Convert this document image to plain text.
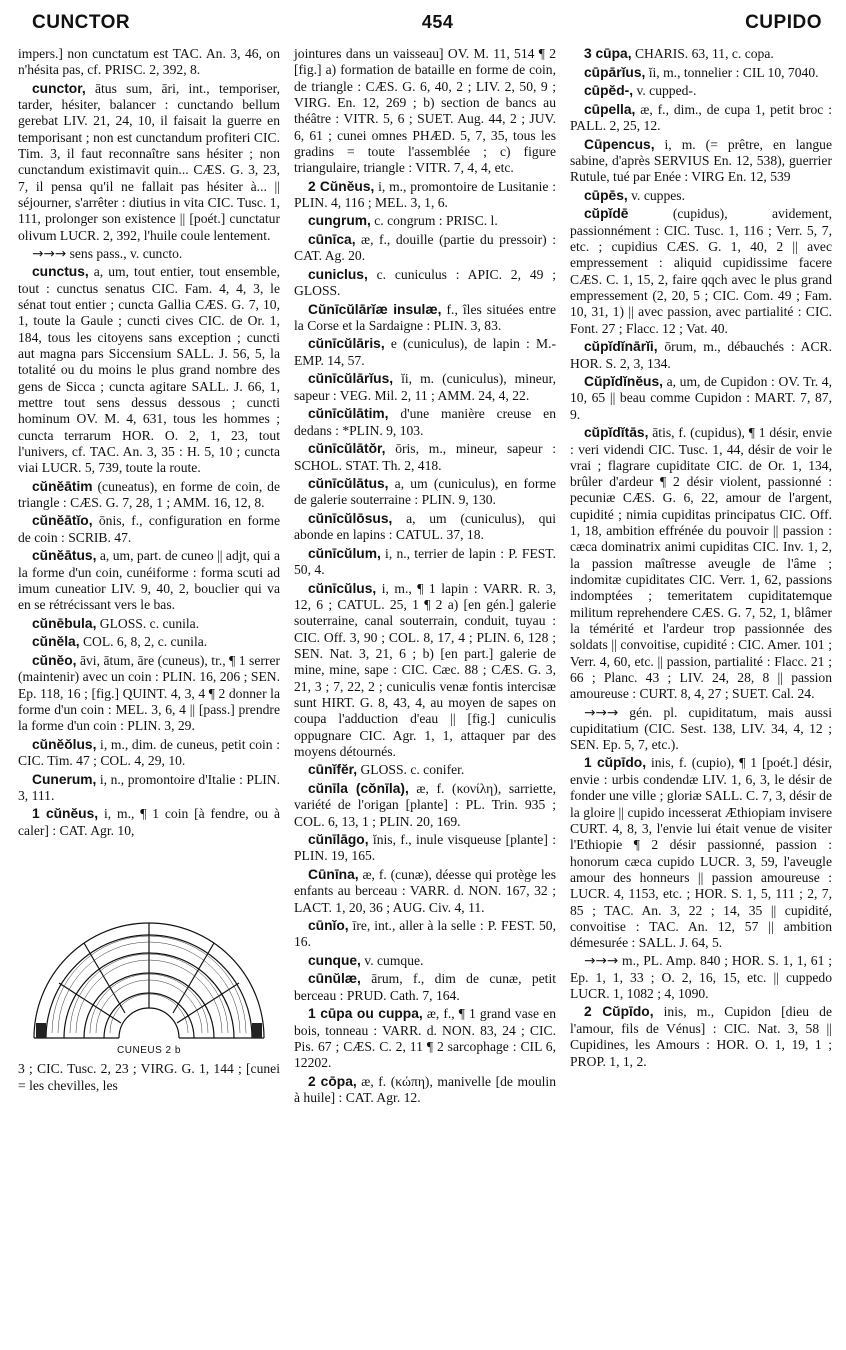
CUNCTOR	454	CUPIDO

impers.] non cunctatum est TAC. An. 3, 46, on n'hésita pas, cf. PRISC. 2, 392, 8.

cunctor, ātus sum, āri, int., temporiser, tarder, hésiter, balancer : cunctando bellum gerebat LIV. 21, 24, 10, il faisait la guerre en temporisant ; non est cunctandum profiteri CIC. Tim. 3, il faut reconnaître sans hésiter ; non cunctandum existimavit quin... CÆS. G. 3, 23, 7, il pensa qu'il ne fallait pas hésiter à... || séjourner, s'arrêter : diutius in vita CIC. Tusc. 1, 111, prolonger son existence || [poét.] cunctatur olivum LUCR. 2, 392, l'huile coule lentement.

→→→ sens pass., v. cuncto.

cunctus, a, um, tout entier, tout ensemble, tout : cunctus senatus CIC. Fam. 4, 4, 3, le sénat tout entier ; cuncta Gallia CÆS. G. 7, 10, 1, toute la Gaule ; cuncti cives CIC. de Or. 1, 184, tous les citoyens sans exception ; cuncti aut magna pars Siccensium SALL. J. 56, 5, la totalité ou du moins le plus grand nombre des gens de Sicca ; cuncta agitare SALL. J. 66, 1, mettre tout sens dessus dessous ; cuncti hominum OV. M. 4, 631, tous les hommes ; cuncta terrarum HOR. O. 2, 1, 23, tout l'univers, cf. TAC. An. 3, 35 : H. 5, 10 ; cuncta viai LUCR. 5, 739, toute la route.

cŭnĕātim (cuneatus), en forme de coin, de triangle : CÆS. G. 7, 28, 1 ; AMM. 16, 12, 8.

cŭnĕātĭo, ōnis, f., configuration en forme de coin : SCRIB. 47.

cŭnĕātus, a, um, part. de cuneo || adjt, qui a la forme d'un coin, cunéiforme : forma scuti ad imum cuneatior LIV. 9, 40, 2, bouclier qui va en se rétrécissant vers le bas.

cŭnēbula, GLOSS. c. cunila.

cŭnĕla, COL. 6, 8, 2, c. cunila.

cŭnĕo, āvi, ātum, āre (cuneus), tr., ¶ 1 serrer (maintenir) avec un coin : PLIN. 16, 206 ; SEN. Ep. 118, 16 ; [fig.] QUINT. 4, 3, 4 ¶ 2 donner la forme d'un coin : MEL. 3, 6, 4 || [pass.] prendre la forme d'un coin : PLIN. 3, 29.

cŭnĕŏlus, i, m., dim. de cuneus, petit coin : CIC. Tim. 47 ; COL. 4, 29, 10.

Cunerum, i, n., promontoire d'Italie : PLIN. 3, 111.

1 cŭnĕus, i, m., ¶ 1 coin [à fendre, ou à caler] : CAT. Agr. 10,

CUNEUS 2 b

3 ; CIC. Tusc. 2, 23 ; VIRG. G. 1, 144 ; [cunei = les chevilles, les

jointures dans un vaisseau] OV. M. 11, 514 ¶ 2 [fig.] a) formation de bataille en forme de coin, de triangle : CÆS. G. 6, 40, 2 ; LIV. 2, 50, 9 ; VIRG. En. 12, 269 ; b) section de bancs au théâtre : VITR. 5, 6 ; SUET. Aug. 44, 2 ; JUV. 6, 61 ; cunei omnes PHÆD. 5, 7, 35, tous les gradins = toute l'assemblée ; c) figure triangulaire, triangle : VITR. 7, 4, 4, etc.

2 Cŭnĕus, i, m., promontoire de Lusitanie : PLIN. 4, 116 ; MEL. 3, 1, 6.

cungrum, c. congrum : PRISC. l.

cūnīca, æ, f., douille (partie du pressoir) : CAT. Ag. 20.

cuniclus, c. cuniculus : APIC. 2, 49 ; GLOSS.

Cŭnīcŭlārĭæ insulæ, f., îles situées entre la Corse et la Sardaigne : PLIN. 3, 83.

cŭnīcŭlāris, e (cuniculus), de lapin : M.-EMP. 14, 57.

cŭnīcŭlārĭus, ĭi, m. (cuniculus), mineur, sapeur : VEG. Mil. 2, 11 ; AMM. 24, 4, 22.

cŭnīcŭlātim, d'une manière creuse en dedans : *PLIN. 9, 103.

cŭnīcŭlātŏr, ōris, m., mineur, sapeur : SCHOL. STAT. Th. 2, 418.

cŭnīcŭlātus, a, um (cuniculus), en forme de galerie souterraine : PLIN. 9, 130.

cŭnīcŭlōsus, a, um (cuniculus), qui abonde en lapins : CATUL. 37, 18.

cŭnīcŭlum, i, n., terrier de lapin : P. FEST. 50, 4.

cŭnīcŭlus, i, m., ¶ 1 lapin : VARR. R. 3, 12, 6 ; CATUL. 25, 1 ¶ 2 a) [en gén.] galerie souterraine, canal souterrain, conduit, tuyau : CIC. Off. 3, 90 ; COL. 8, 17, 4 ; PLIN. 6, 128 ; SEN. Nat. 3, 21, 6 ; b) [en part.] galerie de mine, mine, sape : CIC. Cæc. 88 ; CÆS. G. 3, 21, 3 ; 7, 22, 2 ; cuniculis venæ fontis intercisæ sunt HIRT. G. 8, 43, 4, au moyen de sapes on coupa l'adduction d'eau || [fig.] cuniculis oppugnare CIC. Agr. 1, 1, attaquer par des moyens détournés.

cūnĭfĕr, GLOSS. c. conifer.

cŭnīla (cŏnīla), æ, f. (κονίλη), sarriette, variété de l'origan [plante] : PL. Trin. 935 ; COL. 6, 13, 1 ; PLIN. 20, 169.

cŭnīlāgo, ĭnis, f., inule visqueuse [plante] : PLIN. 19, 165.

Cūnīna, æ, f. (cunæ), déesse qui protège les enfants au berceau : VARR. d. NON. 167, 32 ; LACT. 1, 20, 36 ; AUG. Civ. 4, 11.

cūnĭo, īre, int., aller à la selle : P. FEST. 50, 16.

cunque, v. cumque.

cūnŭlæ, ārum, f., dim de cunæ, petit berceau : PRUD. Cath. 7, 164.

1 cūpa ou cuppa, æ, f., ¶ 1 grand vase en bois, tonneau : VARR. d. NON. 83, 24 ; CIC. Pis. 67 ; CÆS. C. 2, 11 ¶ 2 sarcophage : CIL 6, 12202.

2 cōpa, æ, f. (κώπη), manivelle [de moulin à huile] : CAT. Agr. 12.

3 cūpa, CHARIS. 63, 11, c. copa.

cūpārĭus, ĭi, m., tonnelier : CIL 10, 7040.

cūpĕd-, v. cupped-.

cūpella, æ, f., dim., de cupa 1, petit broc : PALL. 2, 25, 12.

Cūpencus, i, m. (= prêtre, en langue sabine, d'après SERVIUS En. 12, 538), guerrier Rutule, tué par Enée : VIRG En. 12, 539

cūpēs, v. cuppes.

cŭpĭdē (cupidus), avidement, passionnément : CIC. Tusc. 1, 116 ; Verr. 5, 7, etc. ; cupidius CÆS. G. 1, 40, 2 || avec empressement : aliquid cupidissime facere CÆS. C. 1, 15, 2, faire qqch avec le plus grand empressement (2, 20, 5 ; CIC. Com. 49 ; Fam. 10, 31, 1) || avec passion, avec partialité : CIC. Font. 27 ; Flacc. 12 ; Vat. 40.

cŭpĭdĭnārĭi, ōrum, m., débauchés : ACR. HOR. S. 2, 3, 134.

Cŭpĭdĭnĕus, a, um, de Cupidon : OV. Tr. 4, 10, 65 || beau comme Cupidon : MART. 7, 87, 9.

cŭpĭdĭtās, ātis, f. (cupidus), ¶ 1 désir, envie : veri videndi CIC. Tusc. 1, 44, désir de voir le vrai ; flagrare cupiditate CIC. de Or. 1, 134, brûler d'ardeur ¶ 2 désir violent, passionné : pecuniæ CÆS. G. 6, 22, amour de l'argent, cupidité ; nimia cupiditas principatus CIC. Off. 1, 18, ambition effrénée du pouvoir || passion : cæca dominatrix animi cupiditas CIC. Inv. 1, 2, la passion maîtresse aveugle de l'âme ; indomitæ cupiditates CIC. Verr. 1, 62, passions indomptées ; temeritatem cupiditatemque militum reprehendere CÆS. G. 7, 52, 1, blâmer la témérité et l'ardeur trop passionnée des soldats || convoitise, cupidité : CIC. Amer. 101 ; Verr. 4, 60, etc. || passion, partialité : Flacc. 21 ; 66 ; Planc. 43 ; LIV. 24, 28, 8 || passion amoureuse : CURT. 8, 4, 27 ; SUET. Cal. 24.

→→→ gén. pl. cupiditatum, mais aussi cupiditatium (CIC. Sest. 138, LIV. 34, 4, 12 ; SEN. Ep. 5, 7, etc.).

1 cŭpīdo, inis, f. (cupio), ¶ 1 [poét.] désir, envie : urbis condendæ LIV. 1, 6, 3, le désir de fonder une ville ; gloriæ SALL. C. 7, 3, désir de la gloire || cupido incesserat Æthiopiam invisere CURT. 4, 8, 3, l'envie lui était venue de visiter l'Ethiopie ¶ 2 désir passionné, passion : honorum cæca cupido LUCR. 3, 59, l'aveugle amour des honneurs || passion amoureuse : LUCR. 4, 1153, etc. ; HOR. S. 1, 5, 111 ; 2, 7, 85 ; TAC. An. 3, 22 ; 14, 35 || cupidité, convoitise : TAC. An. 12, 57 || ambition démesurée : SALL. J. 64, 5.

→→→ m., PL. Amp. 840 ; HOR. S. 1, 1, 61 ; Ep. 1, 1, 33 ; O. 2, 16, 15, etc. || cuppedo LUCR. 1, 1082 ; 4, 1090.

2 Cŭpīdo, inis, m., Cupidon [dieu de l'amour, fils de Vénus] : CIC. Nat. 3, 58 || Cupidines, les Amours : HOR. O. 1, 19, 1 ; PROP. 1, 1, 2.
